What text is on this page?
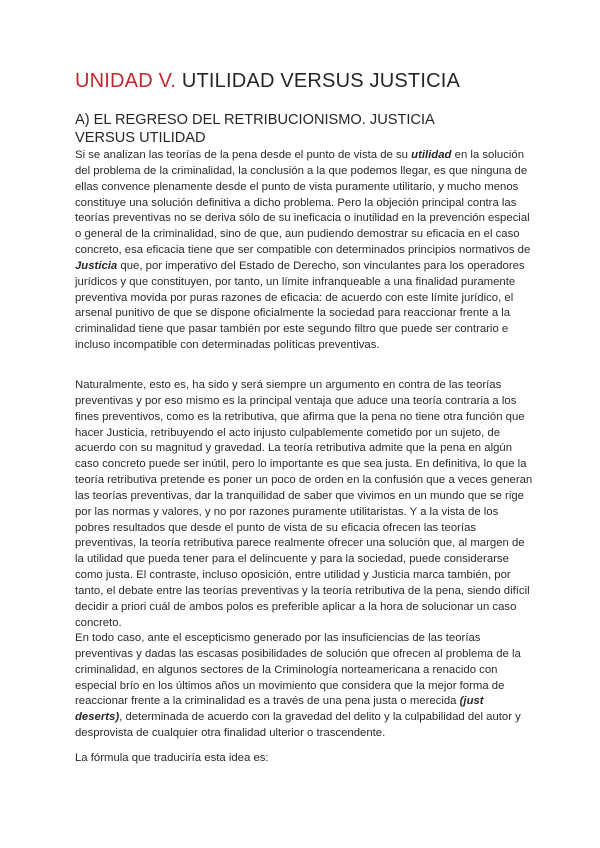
UNIDAD V. UTILIDAD VERSUS JUSTICIA
A) EL REGRESO DEL RETRIBUCIONISMO. JUSTICIA VERSUS UTILIDAD

Si se analizan las teorías de la pena desde el punto de vista de su utilidad en la solución del problema de la criminalidad, la conclusión a la que podemos llegar, es que ninguna de ellas convence plenamente desde el punto de vista puramente utilitario, y mucho menos constituye una solución definitiva a dicho problema. Pero la objeción principal contra las teorías preventivas no se deriva sólo de su ineficacia o inutilidad en la prevención especial o general de la criminalidad, sino de que, aun pudiendo demostrar su eficacia en el caso concreto, esa eficacia tiene que ser compatible con determinados principios normativos de Justicia que, por imperativo del Estado de Derecho, son vinculantes para los operadores jurídicos y que constituyen, por tanto, un límite infranqueable a una finalidad puramente preventiva movida por puras razones de eficacia: de acuerdo con este límite jurídico, el arsenal punitivo de que se dispone oficialmente la sociedad para reaccionar frente a la criminalidad tiene que pasar también por este segundo filtro que puede ser contrario e incluso incompatible con determinadas políticas preventivas.

Naturalmente, esto es, ha sido y será siempre un argumento en contra de las teorías preventivas y por eso mismo es la principal ventaja que aduce una teoría contraria a los fines preventivos, como es la retributiva, que afirma que la pena no tiene otra función que hacer Justicia, retribuyendo el acto injusto culpablemente cometido por un sujeto, de acuerdo con su magnitud y gravedad. La teoría retributiva admite que la pena en algún caso concreto puede ser inútil, pero lo importante es que sea justa. En definitiva, lo que la teoría retributiva pretende es poner un poco de orden en la confusión que a veces generan las teorías preventivas, dar la tranquilidad de saber que vivimos en un mundo que se rige por las normas y valores, y no por razones puramente utilitaristas. Y a la vista de los pobres resultados que desde el punto de vista de su eficacia ofrecen las teorías preventivas, la teoría retributiva parece realmente ofrecer una solución que, al margen de la utilidad que pueda tener para el delincuente y para la sociedad, puede considerarse como justa. El contraste, incluso oposición, entre utilidad y Justicia marca también, por tanto, el debate entre las teorías preventivas y la teoría retributiva de la pena, siendo difícil decidir a priori cuál de ambos polos es preferible aplicar a la hora de solucionar un caso concreto.

En todo caso, ante el escepticismo generado por las insuficiencias de las teorías preventivas y dadas las escasas posibilidades de solución que ofrecen al problema de la criminalidad, en algunos sectores de la Criminología norteamericana a renacido con especial brío en los últimos años un movimiento que considera que la mejor forma de reaccionar frente a la criminalidad es a través de una pena justa o merecida (just deserts), determinada de acuerdo con la gravedad del delito y la culpabilidad del autor y desprovista de cualquier otra finalidad ulterior o trascendente.

La fórmula que traduciría esta idea es:
